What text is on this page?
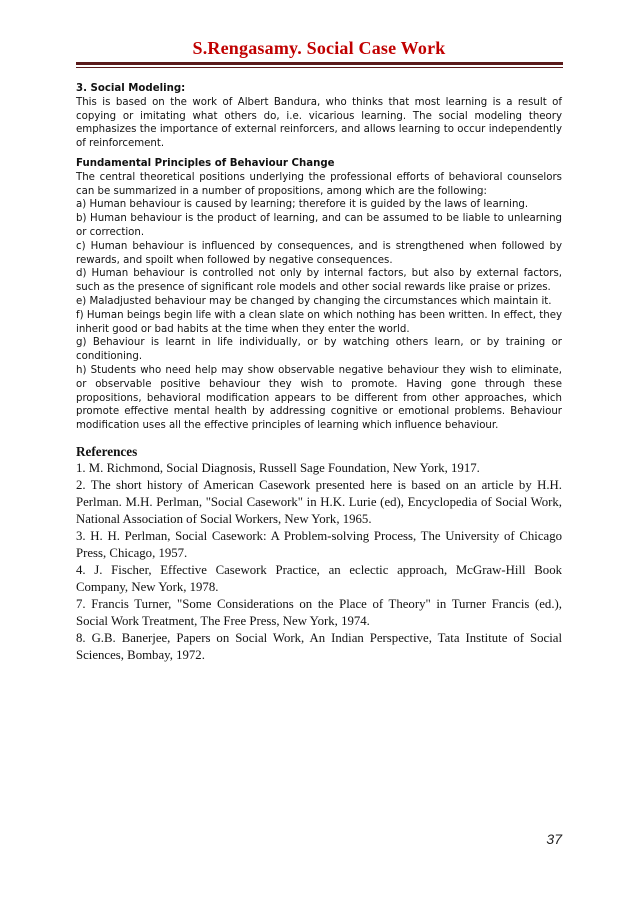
S.Rengasamy. Social Case Work

3. Social Modeling:

This is based on the work of Albert Bandura, who thinks that most learning is a result of copying or imitating what others do, i.e. vicarious learning. The social modeling theory emphasizes the importance of external reinforcers, and allows learning to occur independently of reinforcement.

Fundamental Principles of Behaviour Change

The central theoretical positions underlying the professional efforts of behavioral counselors can be summarized in a number of propositions, among which are the following:

a) Human behaviour is caused by learning; therefore it is guided by the laws of learning.

b) Human behaviour is the product of learning, and can be assumed to be liable to unlearning or correction.

c) Human behaviour is influenced by consequences, and is strengthened when followed by rewards, and spoilt when followed by negative consequences.

d) Human behaviour is controlled not only by internal factors, but also by external factors, such as the presence of significant role models and other social rewards like praise or prizes.

e) Maladjusted behaviour may be changed by changing the circumstances which maintain it.

f) Human beings begin life with a clean slate on which nothing has been written. In effect, they inherit good or bad habits at the time when they enter the world.

g) Behaviour is learnt in life individually, or by watching others learn, or by training or conditioning.

h) Students who need help may show observable negative behaviour they wish to eliminate, or observable positive behaviour they wish to promote. Having gone through these propositions, behavioral modification appears to be different from other approaches, which promote effective mental health by addressing cognitive or emotional problems. Behaviour modification uses all the effective principles of learning which influence behaviour.

References

1. M. Richmond, Social Diagnosis, Russell Sage Foundation, New York, 1917.

2. The short history of American Casework presented here is based on an article by H.H. Perlman. M.H. Perlman, "Social Casework" in H.K. Lurie (ed), Encyclopedia of Social Work, National Association of Social Workers, New York, 1965.

3. H. H. Perlman, Social Casework: A Problem-solving Process, The University of Chicago Press, Chicago, 1957.

4. J. Fischer, Effective Casework Practice, an eclectic approach, McGraw-Hill Book Company, New York, 1978.

7. Francis Turner, "Some Considerations on the Place of Theory" in Turner Francis (ed.), Social Work Treatment, The Free Press, New York, 1974.

8. G.B. Banerjee, Papers on Social Work, An Indian Perspective, Tata Institute of Social Sciences, Bombay, 1972.

37
